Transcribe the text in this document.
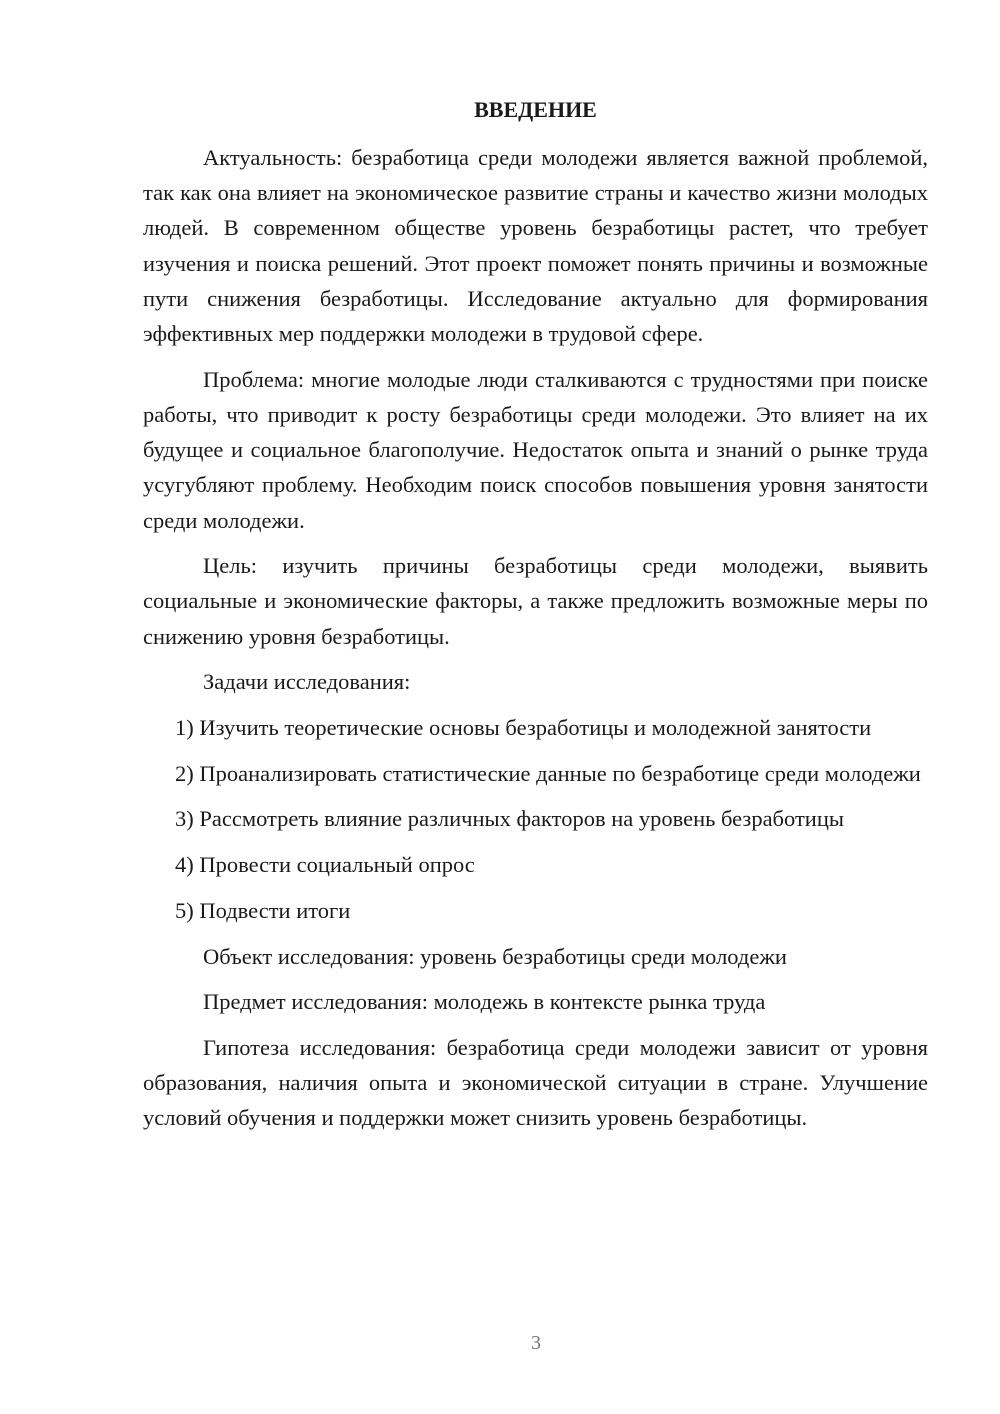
ВВЕДЕНИЕ

Актуальность: безработица среди молодежи является важной проблемой, так как она влияет на экономическое развитие страны и качество жизни молодых людей. В современном обществе уровень безработицы растет, что требует изучения и поиска решений. Этот проект поможет понять причины и возможные пути снижения безработицы. Исследование актуально для формирования эффективных мер поддержки молодежи в трудовой сфере.

Проблема: многие молодые люди сталкиваются с трудностями при поиске работы, что приводит к росту безработицы среди молодежи. Это влияет на их будущее и социальное благополучие. Недостаток опыта и знаний о рынке труда усугубляют проблему. Необходим поиск способов повышения уровня занятости среди молодежи.

Цель: изучить причины безработицы среди молодежи, выявить социальные и экономические факторы, а также предложить возможные меры по снижению уровня безработицы.

Задачи исследования:

1) Изучить теоретические основы безработицы и молодежной занятости

2) Проанализировать статистические данные по безработице среди молодежи

3) Рассмотреть влияние различных факторов на уровень безработицы

4) Провести социальный опрос

5) Подвести итоги

Объект исследования: уровень безработицы среди молодежи

Предмет исследования: молодежь в контексте рынка труда

Гипотеза исследования: безработица среди молодежи зависит от уровня образования, наличия опыта и экономической ситуации в стране. Улучшение условий обучения и поддержки может снизить уровень безработицы.

3
